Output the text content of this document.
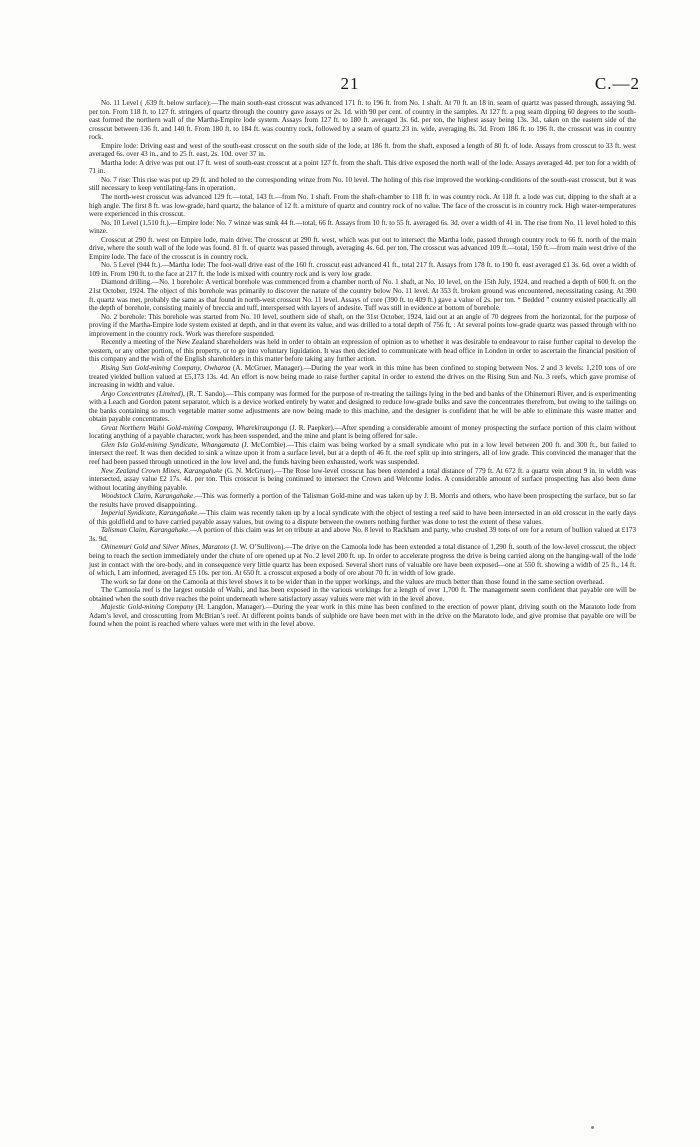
21	C.—2

No. 11 Level ( ,639 ft. below surface):—The main south-east crosscut was advanced 171 ft. to 196 ft. from No. 1 shaft. At 70 ft. an 18 in. seam of quartz was passed through, assaying 9d. per ton. From 118 ft. to 127 ft. stringers of quartz through the country gave assays or 2s. 1d. with 90 per cent. of country in the samples. At 127 ft. a pug seam dipping 60 degrees to the south-east formed the northern wall of the Martha-Empire lode system. Assays from 127 ft. to 180 ft. averaged 3s. 6d. per ton, the highest assay being 13s. 3d., taken on the eastern side of the crosscut between 136 ft. and 140 ft. From 180 ft. to 184 ft. was country rock, followed by a seam of quartz 23 in. wide, averaging 8s. 3d. From 186 ft. to 196 ft. the crosscut was in country rock.

Empire lode: Driving east and west of the south-east crosscut on the south side of the lode, at 186 ft. from the shaft, exposed a length of 80 ft. of lode. Assays from crosscut to 33 ft. west averaged 6s. over 43 in., and to 25 ft. east, 2s. 10d. over 37 in.

Martha lode: A drive was put out 17 ft. west of south-east crosscut at a point 127 ft. from the shaft. This drive exposed the north wall of the lode. Assays averaged 4d. per ton for a width of 71 in.

No. 7 rise: This rise was put up 29 ft. and holed to the corresponding winze from No. 10 level. The holing of this rise improved the working-conditions of the south-east crosscut, but it was still necessary to keep ventilating-fans in operation.

The north-west crosscut was advanced 129 ft.—total, 143 ft.—from No. 1 shaft. From the shaft-chamber to 118 ft. in was country rock. At 118 ft. a lode was cut, dipping to the shaft at a high angle. The first 8 ft. was low-grade, hard quartz, the balance of 12 ft. a mixture of quartz and country rock of no value. The face of the crosscut is in country rock. High water-temperatures were experienced in this crosscut.

No. 10 Level (1,510 ft.).—Empire lode: No. 7 winze was sunk 44 ft.—total, 66 ft. Assays from 10 ft. to 55 ft. averaged 6s. 3d. over a width of 41 in. The rise from No. 11 level holed to this winze.

Crosscut at 290 ft. west on Empire lode, main drive: The crosscut at 290 ft. west, which was put out to intersect the Martha lode, passed through country rock to 66 ft. north of the main drive, where the south wall of the lode was found. 81 ft. of quartz was passed through, averaging 4s. 6d. per ton. The crosscut was advanced 109 ft.—total, 150 ft.—from main west drive of the Empire lode. The face of the crosscut is in country rock.

No. 5 Level (944 ft.).—Martha lode: The foot-wall drive east of the 160 ft. crosscut east advanced 41 ft., total 217 ft. Assays from 178 ft. to 190 ft. east averaged £1 3s. 6d. over a width of 109 in. From 190 ft. to the face at 217 ft. the lode is mixed with country rock and is very low grade.

Diamond drilling.—No. 1 borehole: A vertical borehole was commenced from a chamber north of No. 1 shaft, at No. 10 level, on the 15th July, 1924, and reached a depth of 600 ft. on the 21st October, 1924. The object of this borehole was primarily to discover the nature of the country below No. 11 level. At 353 ft. broken ground was encountered, necessitating casing. At 390 ft. quartz was met, probably the same as that found in north-west crosscut No. 11 level. Assays of core (390 ft. to 409 ft.) gave a value of 2s. per ton. “ Bedded ” country existed practically all the depth of borehole, consisting mainly of breccia and tuff, interspersed with layers of andesite. Tuff was still in evidence at bottom of borehole.

No. 2 borehole: This borehole was started from No. 10 level, southern side of shaft, on the 31st October, 1924, laid out at an angle of 70 degrees from the horizontal, for the purpose of proving if the Martha-Empire lode system existed at depth, and in that event its value, and was drilled to a total depth of 756 ft. : At several points low-grade quartz was passed through with no improvement in the country rock. Work was therefore suspended.

Recently a meeting of the New Zealand shareholders was held in order to obtain an expression of opinion as to whether it was desirable to endeavour to raise further capital to develop the western, or any other portion, of this property, or to go into voluntary liquidation. It was then decided to communicate with head office in London in order to ascertain the financial position of this company and the wish of the English shareholders in this matter before taking any further action.

Rising Sun Gold-mining Company, Owharoa (A. McGruer, Manager).—During the year work in this mine has been confined to stoping between Nos. 2 and 3 levels: 1,210 tons of ore treated yielded bullion valued at £5,173 13s. 4d. An effort is now being made to raise further capital in order to extend the drives on the Rising Sun and No. 3 reefs, which gave promise of increasing in width and value.

Argo Concentrates (Limited), (R. T. Sando).—This company was formed for the purpose of re-treating the tailings lying in the bed and banks of the Ohinemuri River, and is experimenting with a Leach and Gordon patent separator, which is a device worked entirely by water and designed to reduce low-grade bulks and save the concentrates therefrom, but owing to the tailings on the banks containing so much vegetable matter some adjustments are now being made to this machine, and the designer is confident that he will be able to eliminate this waste matter and obtain payable concentrates.

Great Northern Waihi Gold-mining Company, Wharekirauponga (J. R. Paepker).—After spending a considerable amount of money prospecting the surface portion of this claim without locating anything of a payable character, work has been suspended, and the mine and plant is being offered for sale.

Glen Isla Gold-mining Syndicate, Whangamata (J. McCombie).—This claim was being worked by a small syndicate who put in a low level between 200 ft. and 300 ft., but failed to intersect the reef. It was then decided to sink a winze upon it from a surface level, but at a depth of 46 ft. the reef split up into stringers, all of low grade. This convinced the manager that the reef had been passed through unnoticed in the low level and, the funds having been exhausted, work was suspended.

New Zealand Crown Mines, Karangahake (G. N. McGruer).—The Rose low-level crosscut has been extended a total distance of 779 ft. At 672 ft. a quartz vein about 9 in. in width was intersected, assay value £2 17s. 4d. per ton. This crosscut is being continued to intersect the Crown and Welcome lodes. A considerable amount of surface prospecting has also been done without locating anything payable.

Woodstock Claim, Karangahake.—This was formerly a portion of the Talisman Gold-mine and was taken up by J. B. Morris and others, who have been prospecting the surface, but so far the results have proved disappointing.

Imperial Syndicate, Karangahake.—This claim was recently taken up by a local syndicate with the object of testing a reef said to have been intersected in an old crosscut in the early days of this goldfield and to have carried payable assay values, but owing to a dispute between the owners nothing further was done to test the extent of these values.

Talisman Claim, Karangahake.—A portion of this claim was let on tribute at and above No. 8 level to Rackham and party, who crushed 39 tons of ore for a return of bullion valued at £173 3s. 9d.

Ohinemuri Gold and Silver Mines, Maratoto (J. W. O’Sullivon).—The drive on the Camoola lode has been extended a total distance of 1,290 ft. south of the low-level crosscut, the object being to reach the section immediately under the chute of ore opened up at No. 2 level 200 ft. up. In order to accelerate progress the drive is being carried along on the hanging-wall of the lode just in contact with the ore-body, and in consequence very little quartz has been exposed. Several short runs of valuable ore have been exposed—one at 550 ft. showing a width of 25 ft., 14 ft. of which, I am informed, averaged £5 10s. per ton. At 650 ft. a crosscut exposed a body of ore about 70 ft. in width of low grade.

The work so far done on the Camoola at this level shows it to be wider than in the upper workings, and the values are much better than those found in the same section overhead.

The Camoola reef is the largest outside of Waihi, and has been exposed in the various workings for a length of over 1,700 ft. The management seem confident that payable ore will be obtained when the south drive reaches the point underneath where satisfactory assay values were met with in the level above.

Majestic Gold-mining Company (H. Langdon, Manager).—During the year work in this mine has been confined to the erection of power plant, driving south on the Maratoto lode from Adam’s level, and crosscutting from McBrian’s reef. At different points bands of sulphide ore have been met with in the drive on the Maratoto lode, and give promise that payable ore will be found when the point is reached where values were met with in the level above.
